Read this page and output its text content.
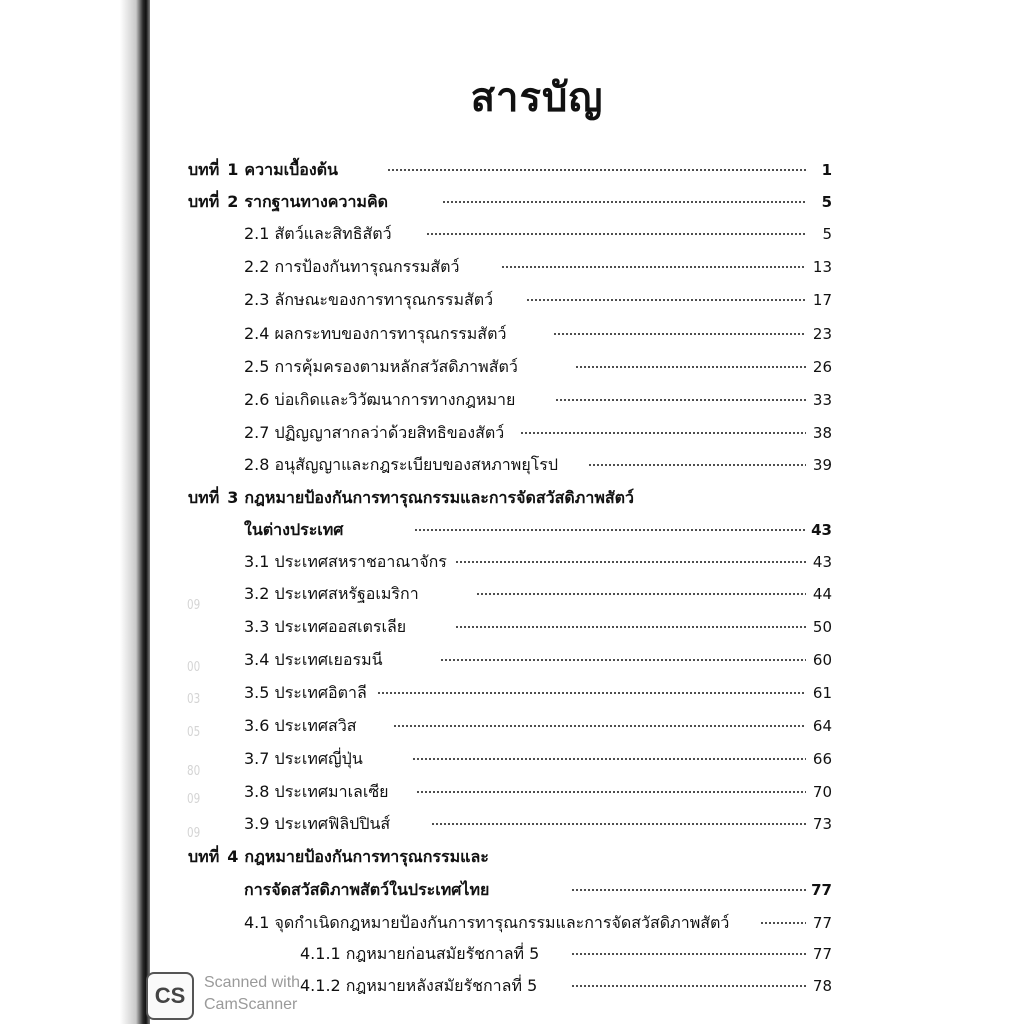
09
00
03
05
80
09
09
สารบัญ
บทที่ 1 ความเบื้องต้น	1
บทที่ 2 รากฐานทางความคิด	5
2.1 สัตว์และสิทธิสัตว์	5
2.2 การป้องกันทารุณกรรมสัตว์	13
2.3 ลักษณะของการทารุณกรรมสัตว์	17
2.4 ผลกระทบของการทารุณกรรมสัตว์	23
2.5 การคุ้มครองตามหลักสวัสดิภาพสัตว์	26
2.6 บ่อเกิดและวิวัฒนาการทางกฎหมาย	33
2.7 ปฏิญญาสากลว่าด้วยสิทธิของสัตว์	38
2.8 อนุสัญญาและกฎระเบียบของสหภาพยุโรป	39
บทที่ 3 กฎหมายป้องกันการทารุณกรรมและการจัดสวัสดิภาพสัตว์
ในต่างประเทศ	43
3.1 ประเทศสหราชอาณาจักร	43
3.2 ประเทศสหรัฐอเมริกา	44
3.3 ประเทศออสเตรเลีย	50
3.4 ประเทศเยอรมนี	60
3.5 ประเทศอิตาลี	61
3.6 ประเทศสวิส	64
3.7 ประเทศญี่ปุ่น	66
3.8 ประเทศมาเลเซีย	70
3.9 ประเทศฟิลิปปินส์	73
บทที่ 4 กฎหมายป้องกันการทารุณกรรมและ
การจัดสวัสดิภาพสัตว์ในประเทศไทย	77
4.1 จุดกำเนิดกฎหมายป้องกันการทารุณกรรมและการจัดสวัสดิภาพสัตว์	77
4.1.1 กฎหมายก่อนสมัยรัชกาลที่ 5	77
4.1.2 กฎหมายหลังสมัยรัชกาลที่ 5	78
CS
Scanned with
CamScanner
